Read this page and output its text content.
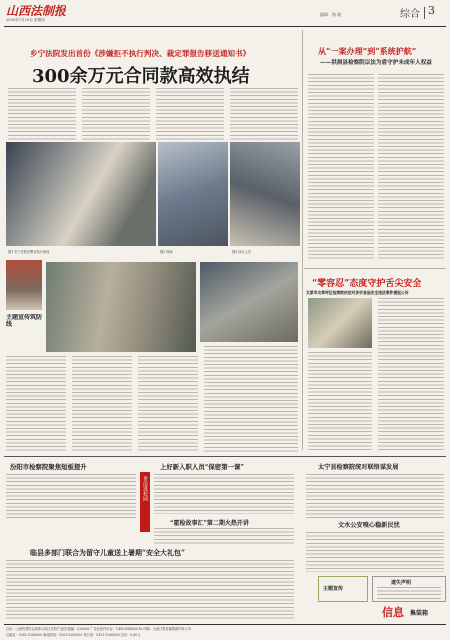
山西法制报
2020年7月29日 星期四
编辑：杨 帆	综合 3
乡宁法院发出首份《涉嫌拒不执行判决、裁定罪报告移送通知书》
300余万元合同款高效执结
图1 乡宁法院法警在执行现场	图2 现场	图3 执行人员
主题宣传筑防线
从“一案办理”到“系统护航”
——洪洞县检察院以法为盾守护未成年人权益
“零容忍”态度守护舌尖安全
太原市尖草坪区检察院依法对多宗食品安全违法案件提起公诉
汾阳市检察院聚焦短板提升	上好新入职人员“保密第一课”
普法进校园
“霍检故事汇”第二期火热开讲
太宁县检察院统对联络谋发展
文水公安嗅心稳新民忧
临县多部门联合为留守儿童送上暑期“安全大礼包”
主题宣传
遗失声明
信息 集装箱
社址：山西转型综合改革示范区学府产业园 邮编：030006 广告经营许可证：1401004000016 印刷：山西日报传媒集团印务公司
总编室：0351-5280000 新闻热线：0351-5280000 发行部：0351-5280000 定价：0.60元
